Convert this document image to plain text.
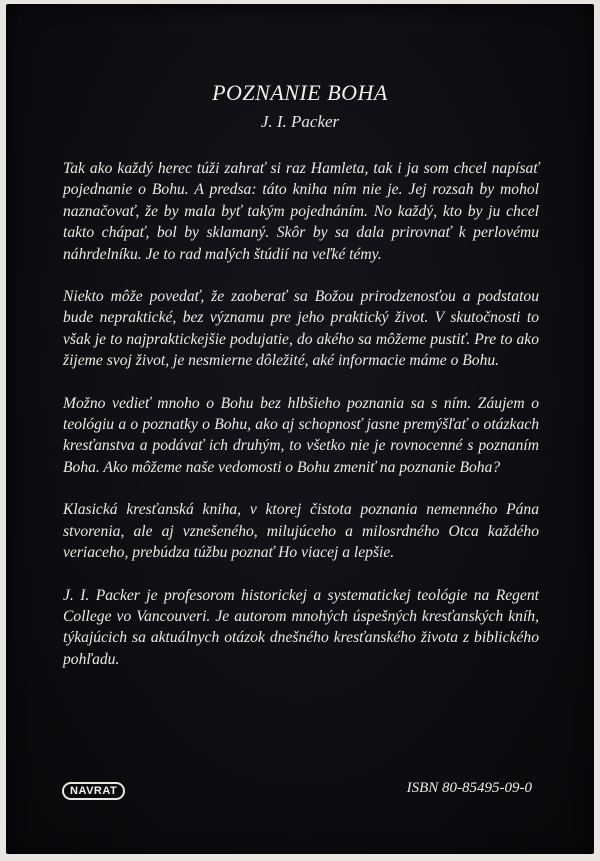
POZNANIE BOHA
J. I. Packer

Tak ako každý herec túži zahrať si raz Hamleta, tak i ja som chcel napísať pojednanie o Bohu. A predsa: táto kniha ním nie je. Jej rozsah by mohol naznačovať, že by mala byť takým pojednáním. No každý, kto by ju chcel takto chápať, bol by sklamaný. Skôr by sa dala prirovnať k perlovému náhrdelníku. Je to rad malých štúdií na veľké témy.

Niekto môže povedať, že zaoberať sa Božou prirodzenosťou a podstatou bude nepraktické, bez významu pre jeho praktický život. V skutočnosti to však je to najpraktickejšie podujatie, do akého sa môžeme pustiť. Pre to ako žijeme svoj život, je nesmierne dôležité, aké informacie máme o Bohu.

Možno vedieť mnoho o Bohu bez hlbšieho poznania sa s ním. Záujem o teológiu a o poznatky o Bohu, ako aj schopnosť jasne premýšľať o otázkach kresťanstva a podávať ich druhým, to všetko nie je rovnocenné s poznaním Boha. Ako môžeme naše vedomosti o Bohu zmeniť na poznanie Boha?

Klasická kresťanská kniha, v ktorej čistota poznania nemenného Pána stvorenia, ale aj vznešeného, milujúceho a milosrdného Otca každého veriaceho, prebúdza túžbu poznať Ho viacej a lepšie.

J. I. Packer je profesorom historickej a systematickej teológie na Regent College vo Vancouveri. Je autorom mnohých úspešných kresťanských kníh, týkajúcich sa aktuálnych otázok dnešného kresťanského života z biblického pohľadu.

NAVRAT	ISBN 80-85495-09-0
